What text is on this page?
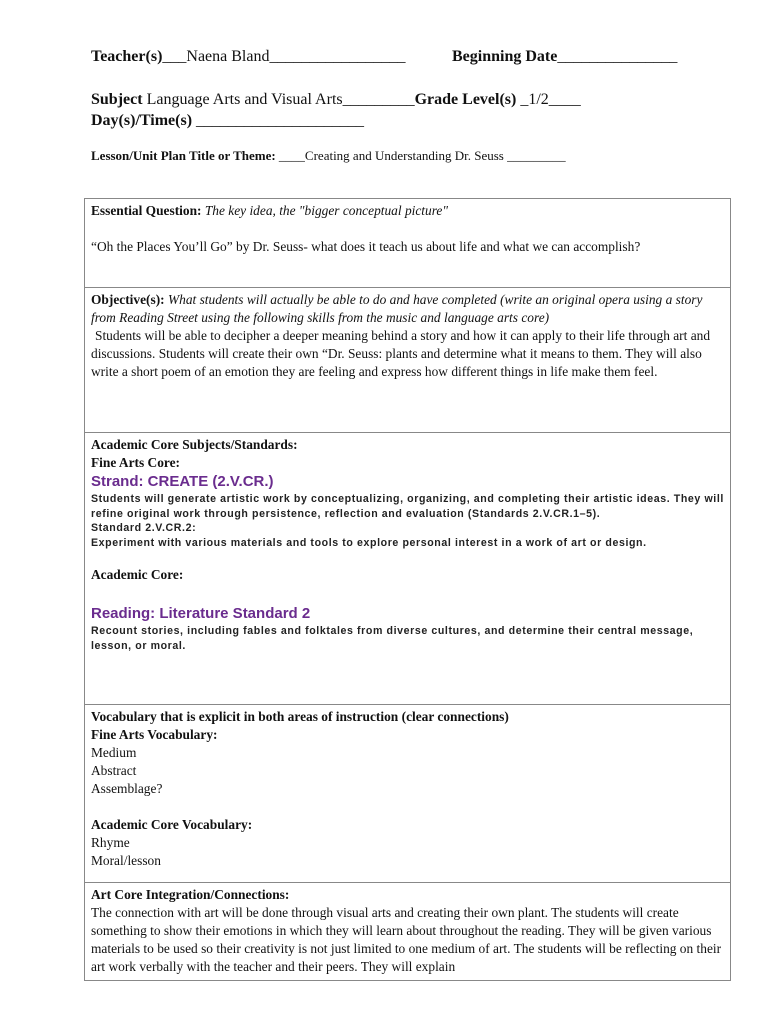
Teacher(s)___Naena Bland_________________	Beginning Date_______________
Subject Language Arts and Visual Arts_________Grade Level(s) _1/2____
Day(s)/Time(s) _____________________
Lesson/Unit Plan Title or Theme: ____Creating and Understanding Dr. Seuss _________

Essential Question: The key idea, the "bigger conceptual picture"

“Oh the Places You’ll Go” by Dr. Seuss- what does it teach us about life and what we can accomplish?

Objective(s): What students will actually be able to do and have completed (write an original opera using a story from Reading Street using the following skills from the music and language arts core)

Students will be able to decipher a deeper meaning behind a story and how it can apply to their life through art and discussions. Students will create their own “Dr. Seuss: plants and determine what it means to them. They will also write a short poem of an emotion they are feeling and express how different things in life make them feel.

Academic Core Subjects/Standards:

Fine Arts Core:

Strand: CREATE (2.V.CR.)

Students will generate artistic work by conceptualizing, organizing, and completing their artistic ideas. They will refine original work through persistence, reflection and evaluation (Standards 2.V.CR.1–5).

Standard 2.V.CR.2:

Experiment with various materials and tools to explore personal interest in a work of art or design.

Academic Core:

Reading: Literature Standard 2

Recount stories, including fables and folktales from diverse cultures, and determine their central message, lesson, or moral.

Vocabulary that is explicit in both areas of instruction (clear connections)

Fine Arts Vocabulary:

Medium

Abstract

Assemblage?

Academic Core Vocabulary:

Rhyme

Moral/lesson

Art Core Integration/Connections:

The connection with art will be done through visual arts and creating their own plant. The students will create something to show their emotions in which they will learn about throughout the reading. They will be given various materials to be used so their creativity is not just limited to one medium of art. The students will be reflecting on their art work verbally with the teacher and their peers. They will explain
